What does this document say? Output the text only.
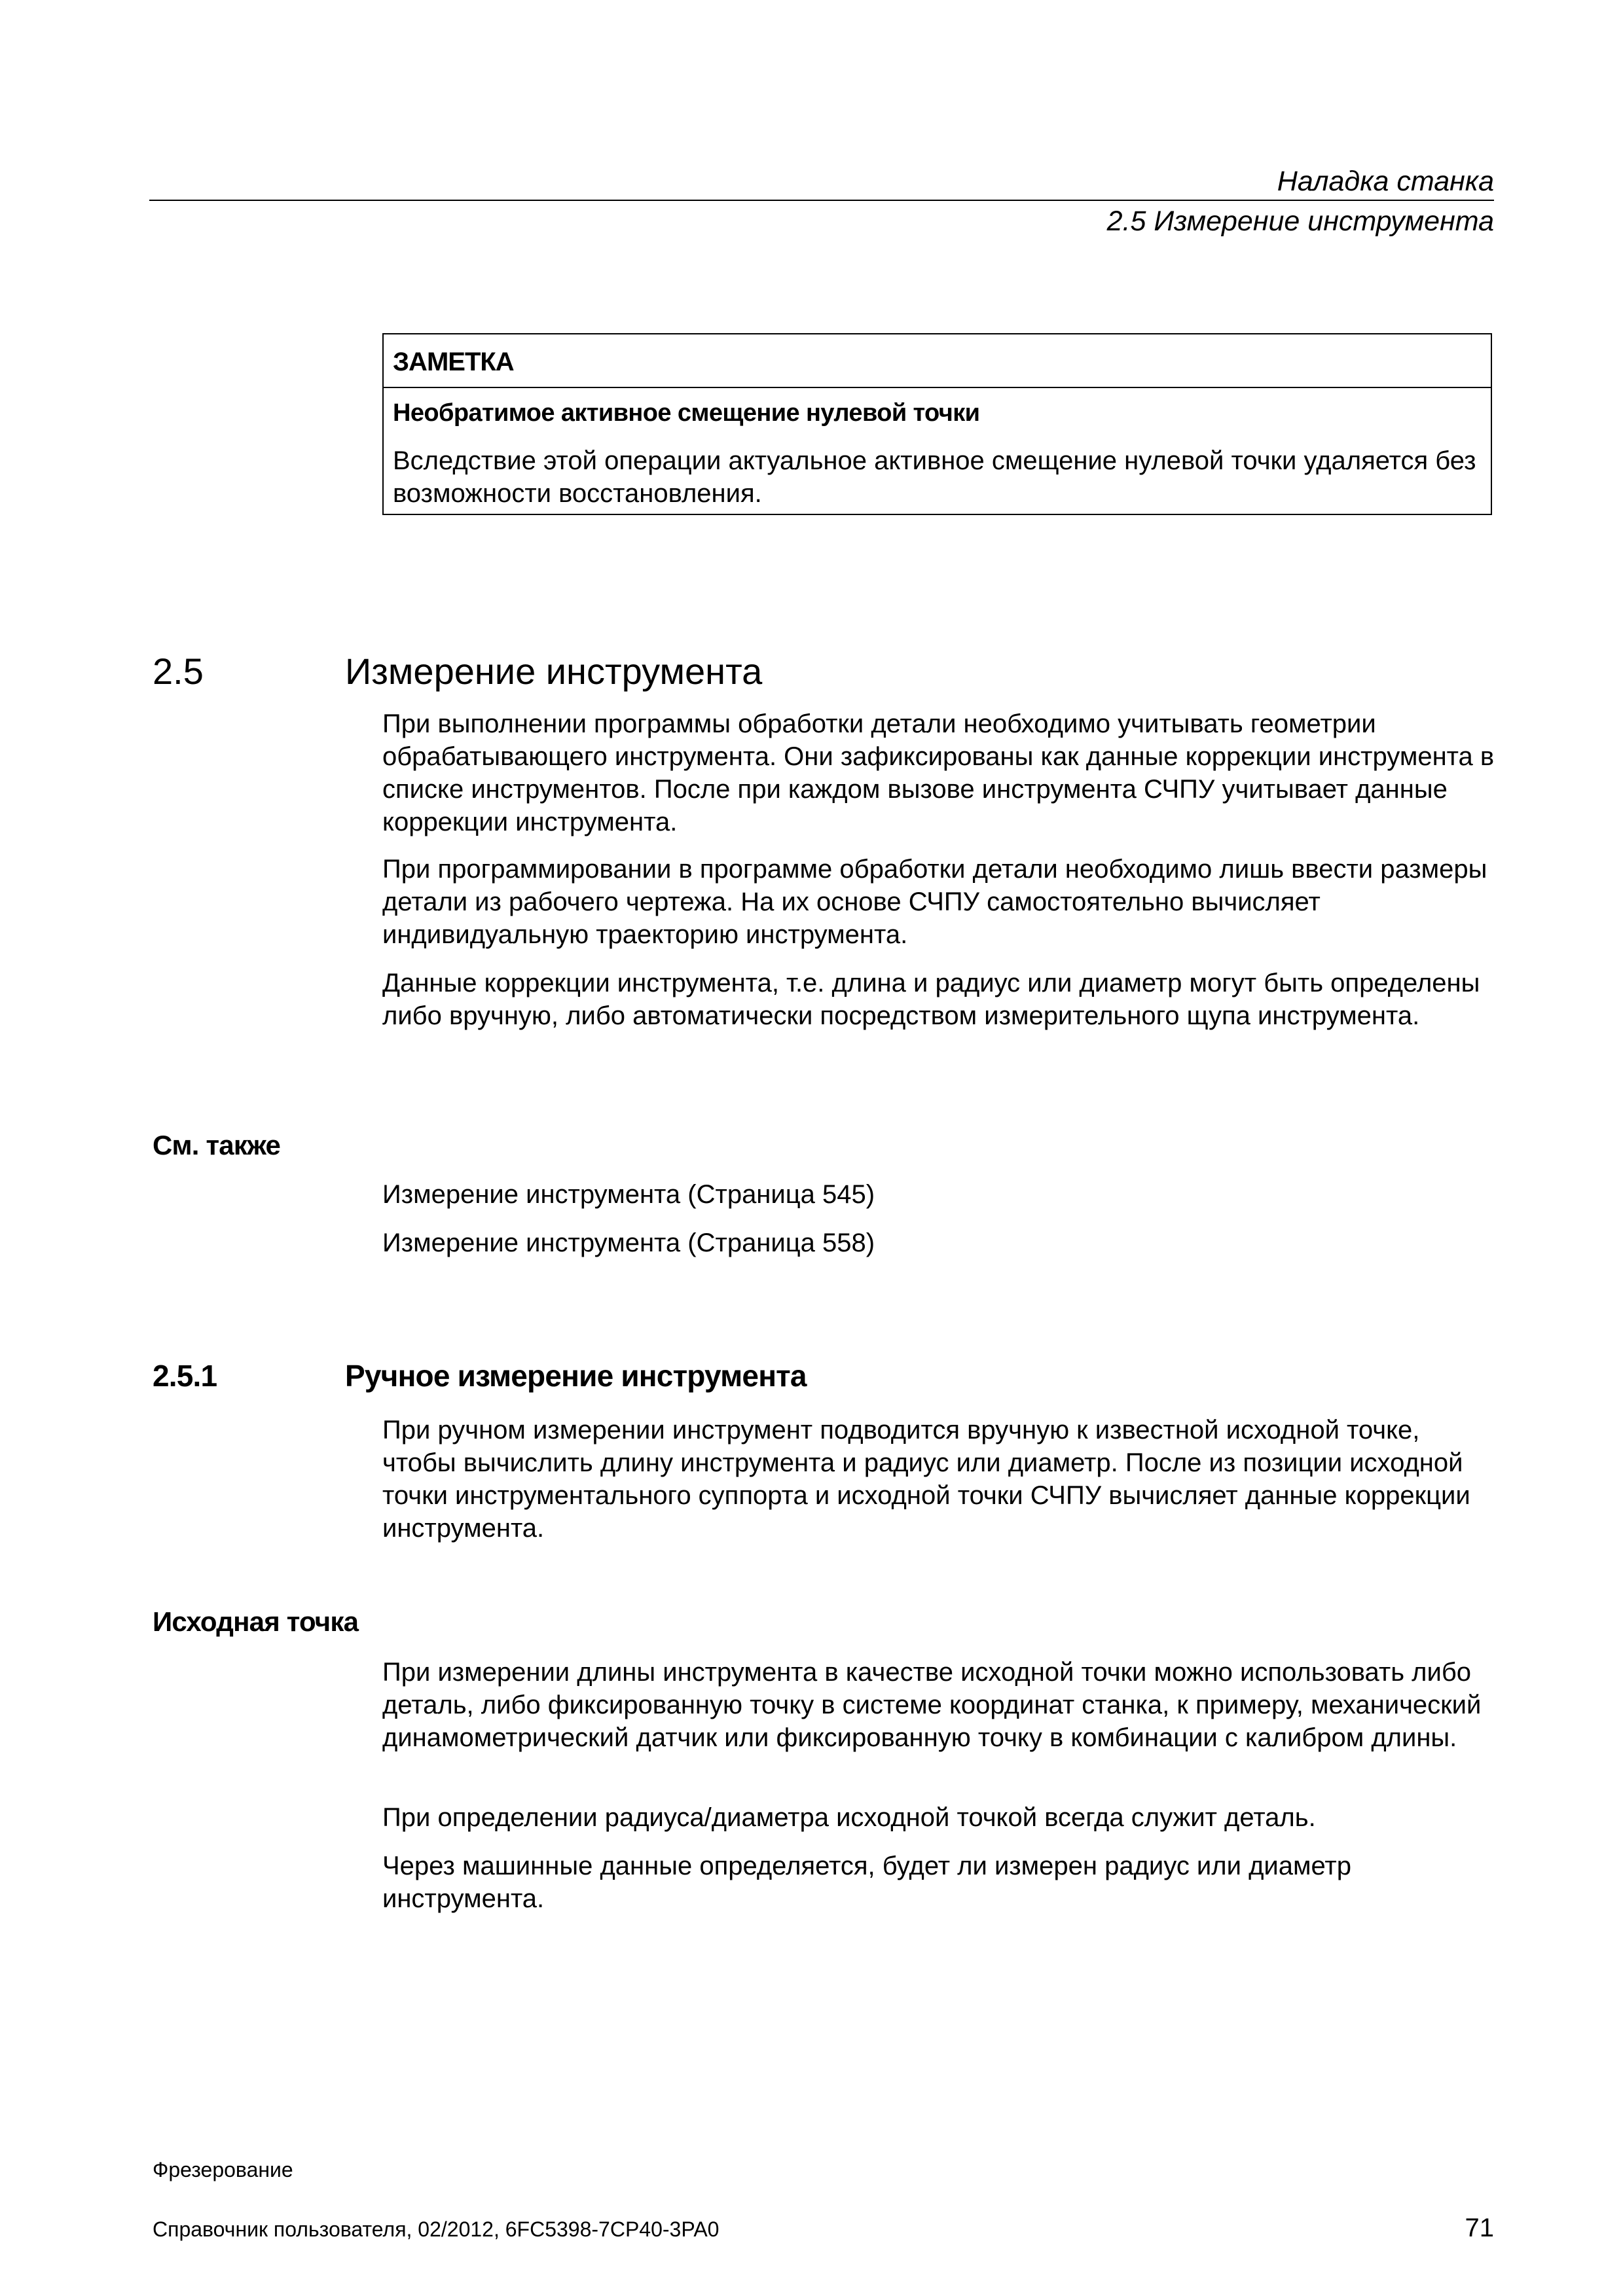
Наладка станка
2.5 Измерение инструмента
ЗАМЕТКА
Необратимое активное смещение нулевой точки
Вследствие этой операции актуальное активное смещение нулевой точки удаляется без возможности восстановления.
2.5	Измерение инструмента
При выполнении программы обработки детали необходимо учитывать геометрии обрабатывающего инструмента. Они зафиксированы как данные коррекции инструмента в списке инструментов. После при каждом вызове инструмента СЧПУ учитывает данные коррекции инструмента.
При программировании в программе обработки детали необходимо лишь ввести размеры детали из рабочего чертежа. На их основе СЧПУ самостоятельно вычисляет индивидуальную траекторию инструмента.
Данные коррекции инструмента, т.е. длина и радиус или диаметр могут быть определены либо вручную, либо автоматически посредством измерительного щупа инструмента.
См. также
Измерение инструмента (Страница 545)
Измерение инструмента (Страница 558)
2.5.1	Ручное измерение инструмента
При ручном измерении инструмент подводится вручную к известной исходной точке, чтобы вычислить длину инструмента и радиус или диаметр. После из позиции исходной точки инструментального суппорта и исходной точки СЧПУ вычисляет данные коррекции инструмента.
Исходная точка
При измерении длины инструмента в качестве исходной точки можно использовать либо деталь, либо фиксированную точку в системе координат станка, к примеру, механический динамометрический датчик или фиксированную точку в комбинации с калибром длины.
При определении радиуса/диаметра исходной точкой всегда служит деталь.
Через машинные данные определяется, будет ли измерен радиус или диаметр инструмента.
Фрезерование
Справочник пользователя, 02/2012, 6FC5398-7CP40-3PA0	71
